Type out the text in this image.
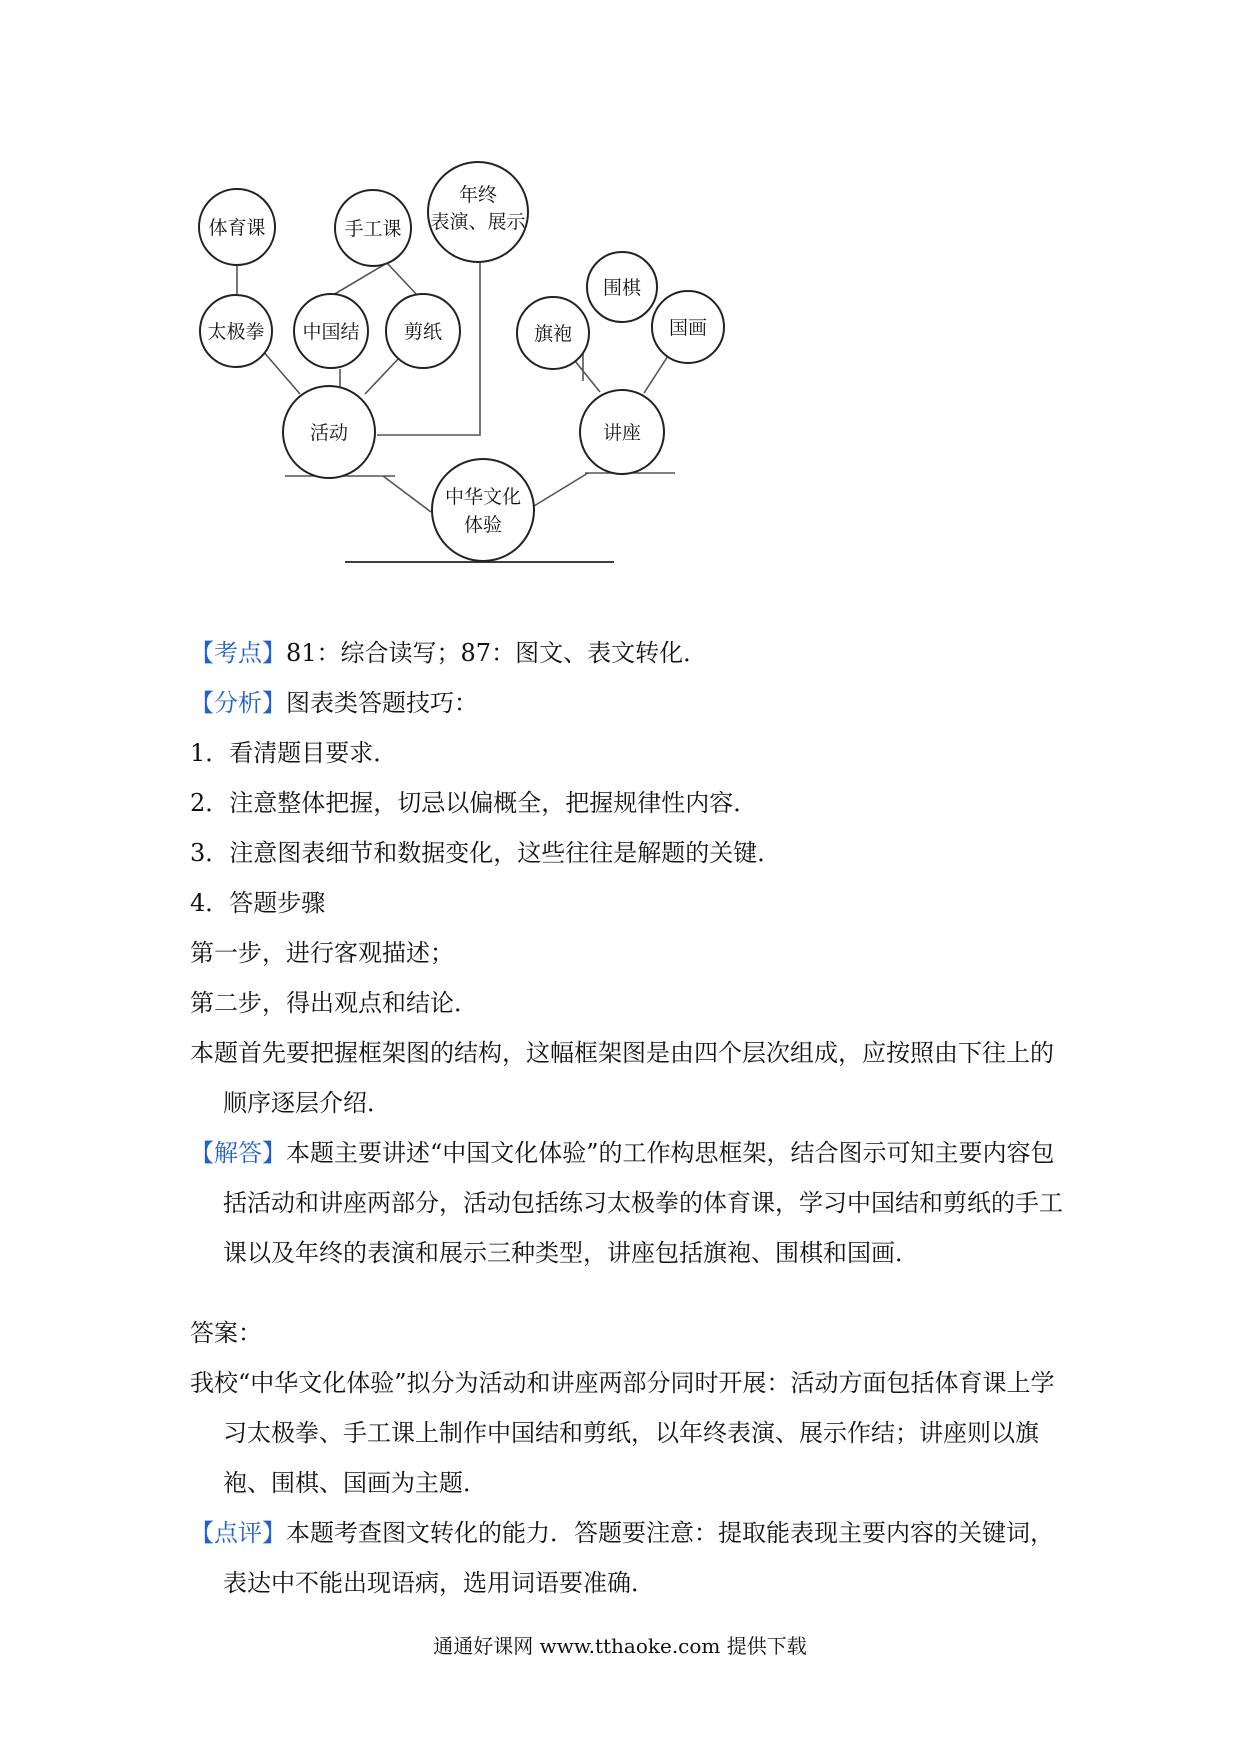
体育课	手工课
年终
表演、展示
太极拳 中国结 剪纸
围棋
旗袍	国画
活动	讲座
中华文化
体验

【考点】81：综合读写；87：图文、表文转化．

【分析】图表类答题技巧：

1．看清题目要求．

2．注意整体把握，切忌以偏概全，把握规律性内容．

3．注意图表细节和数据变化，这些往往是解题的关键．

4．答题步骤

第一步，进行客观描述；

第二步，得出观点和结论．

本题首先要把握框架图的结构，这幅框架图是由四个层次组成，应按照由下往上的顺序逐层介绍．

【解答】本题主要讲述“中国文化体验”的工作构思框架，结合图示可知主要内容包括活动和讲座两部分，活动包括练习太极拳的体育课，学习中国结和剪纸的手工课以及年终的表演和展示三种类型，讲座包括旗袍、围棋和国画．

答案：

我校“中华文化体验”拟分为活动和讲座两部分同时开展：活动方面包括体育课上学习太极拳、手工课上制作中国结和剪纸，以年终表演、展示作结；讲座则以旗袍、围棋、国画为主题．

【点评】本题考查图文转化的能力．答题要注意：提取能表现主要内容的关键词，表达中不能出现语病，选用词语要准确．

通通好课网 www.tthaoke.com 提供下载
